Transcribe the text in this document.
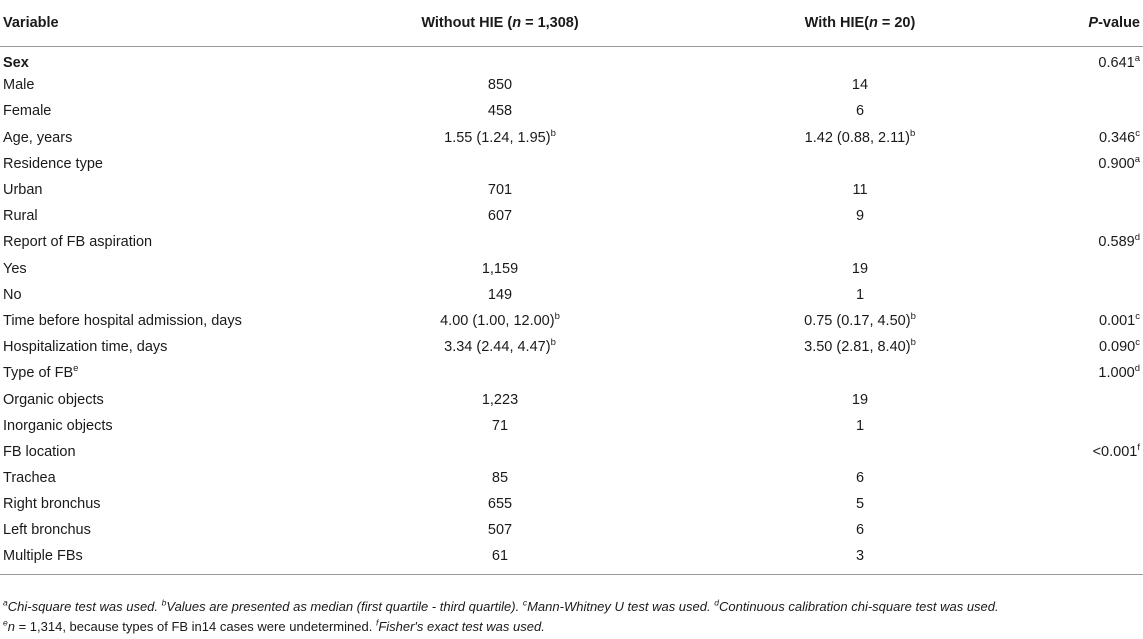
Variable	Without HIE (n = 1,308)	With HIE(n = 20)	P-value
Sex			0.641$^a$
Male	850	14	
Female	458	6	
Age, years	1.55 (1.24, 1.95)$^b$	1.42 (0.88, 2.11)$^b$	0.346$^c$
Residence type			0.900$^a$
Urban	701	11	
Rural	607	9	
Report of FB aspiration			0.589$^d$
Yes	1,159	19	
No	149	1	
Time before hospital admission, days	4.00 (1.00, 12.00)$^b$	0.75 (0.17, 4.50)$^b$	0.001$^c$
Hospitalization time, days	3.34 (2.44, 4.47)$^b$	3.50 (2.81, 8.40)$^b$	0.090$^c$
Type of $FB^e$			1.000$^d$
Organic objects	1,223	19	
Inorganic objects	71	1	
FB location			<0.001$^f$
Trachea	85	6	
Right bronchus	655	5	
Left bronchus	507	6	
Multiple FBs	61	3	
$^a$Chi-square test was used. $^b$Values are presented as median (first quartile - third quartile). $^c$Mann-Whitney U test was used. $^d$Continuous calibration chi-square test was used.
$^e$n = 1,314, because types of FB in14 cases were undetermined. $^f$Fisher's exact test was used.
